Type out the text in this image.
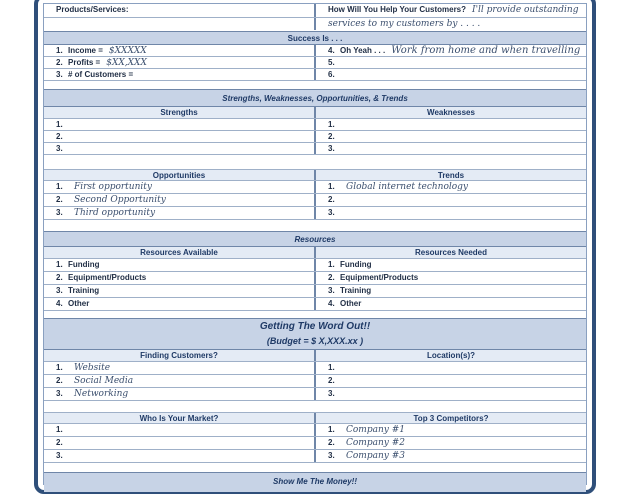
Products/Services:	How Will You Help Your Customers? I'll provide outstanding
services to my customers by . . . .
Success Is . . .
1. Income = $XXXXX	4. Oh Yeah . . . Work from home and when travelling
2. Profits = $XX,XXX	5.
3. # of Customers =	6.
Strengths, Weaknesses, Opportunities, & Trends
Strengths	Weaknesses
1.	1.
2.	2.
3.	3.
Opportunities	Trends
1. First opportunity	1. Global internet technology
2. Second Opportunity	2.
3. Third opportunity	3.
Resources
Resources Available	Resources Needed
1. Funding	1. Funding
2. Equipment/Products	2. Equipment/Products
3. Training	3. Training
4. Other	4. Other
Getting The Word Out!!
(Budget = $ X,XXX.xx )
Finding Customers?	Location(s)?
1. Website	1.
2. Social Media	2.
3. Networking	3.
Who Is Your Market?	Top 3 Competitors?
1.	1. Company #1
2.	2. Company #2
3.	3. Company #3
Show Me The Money!!
